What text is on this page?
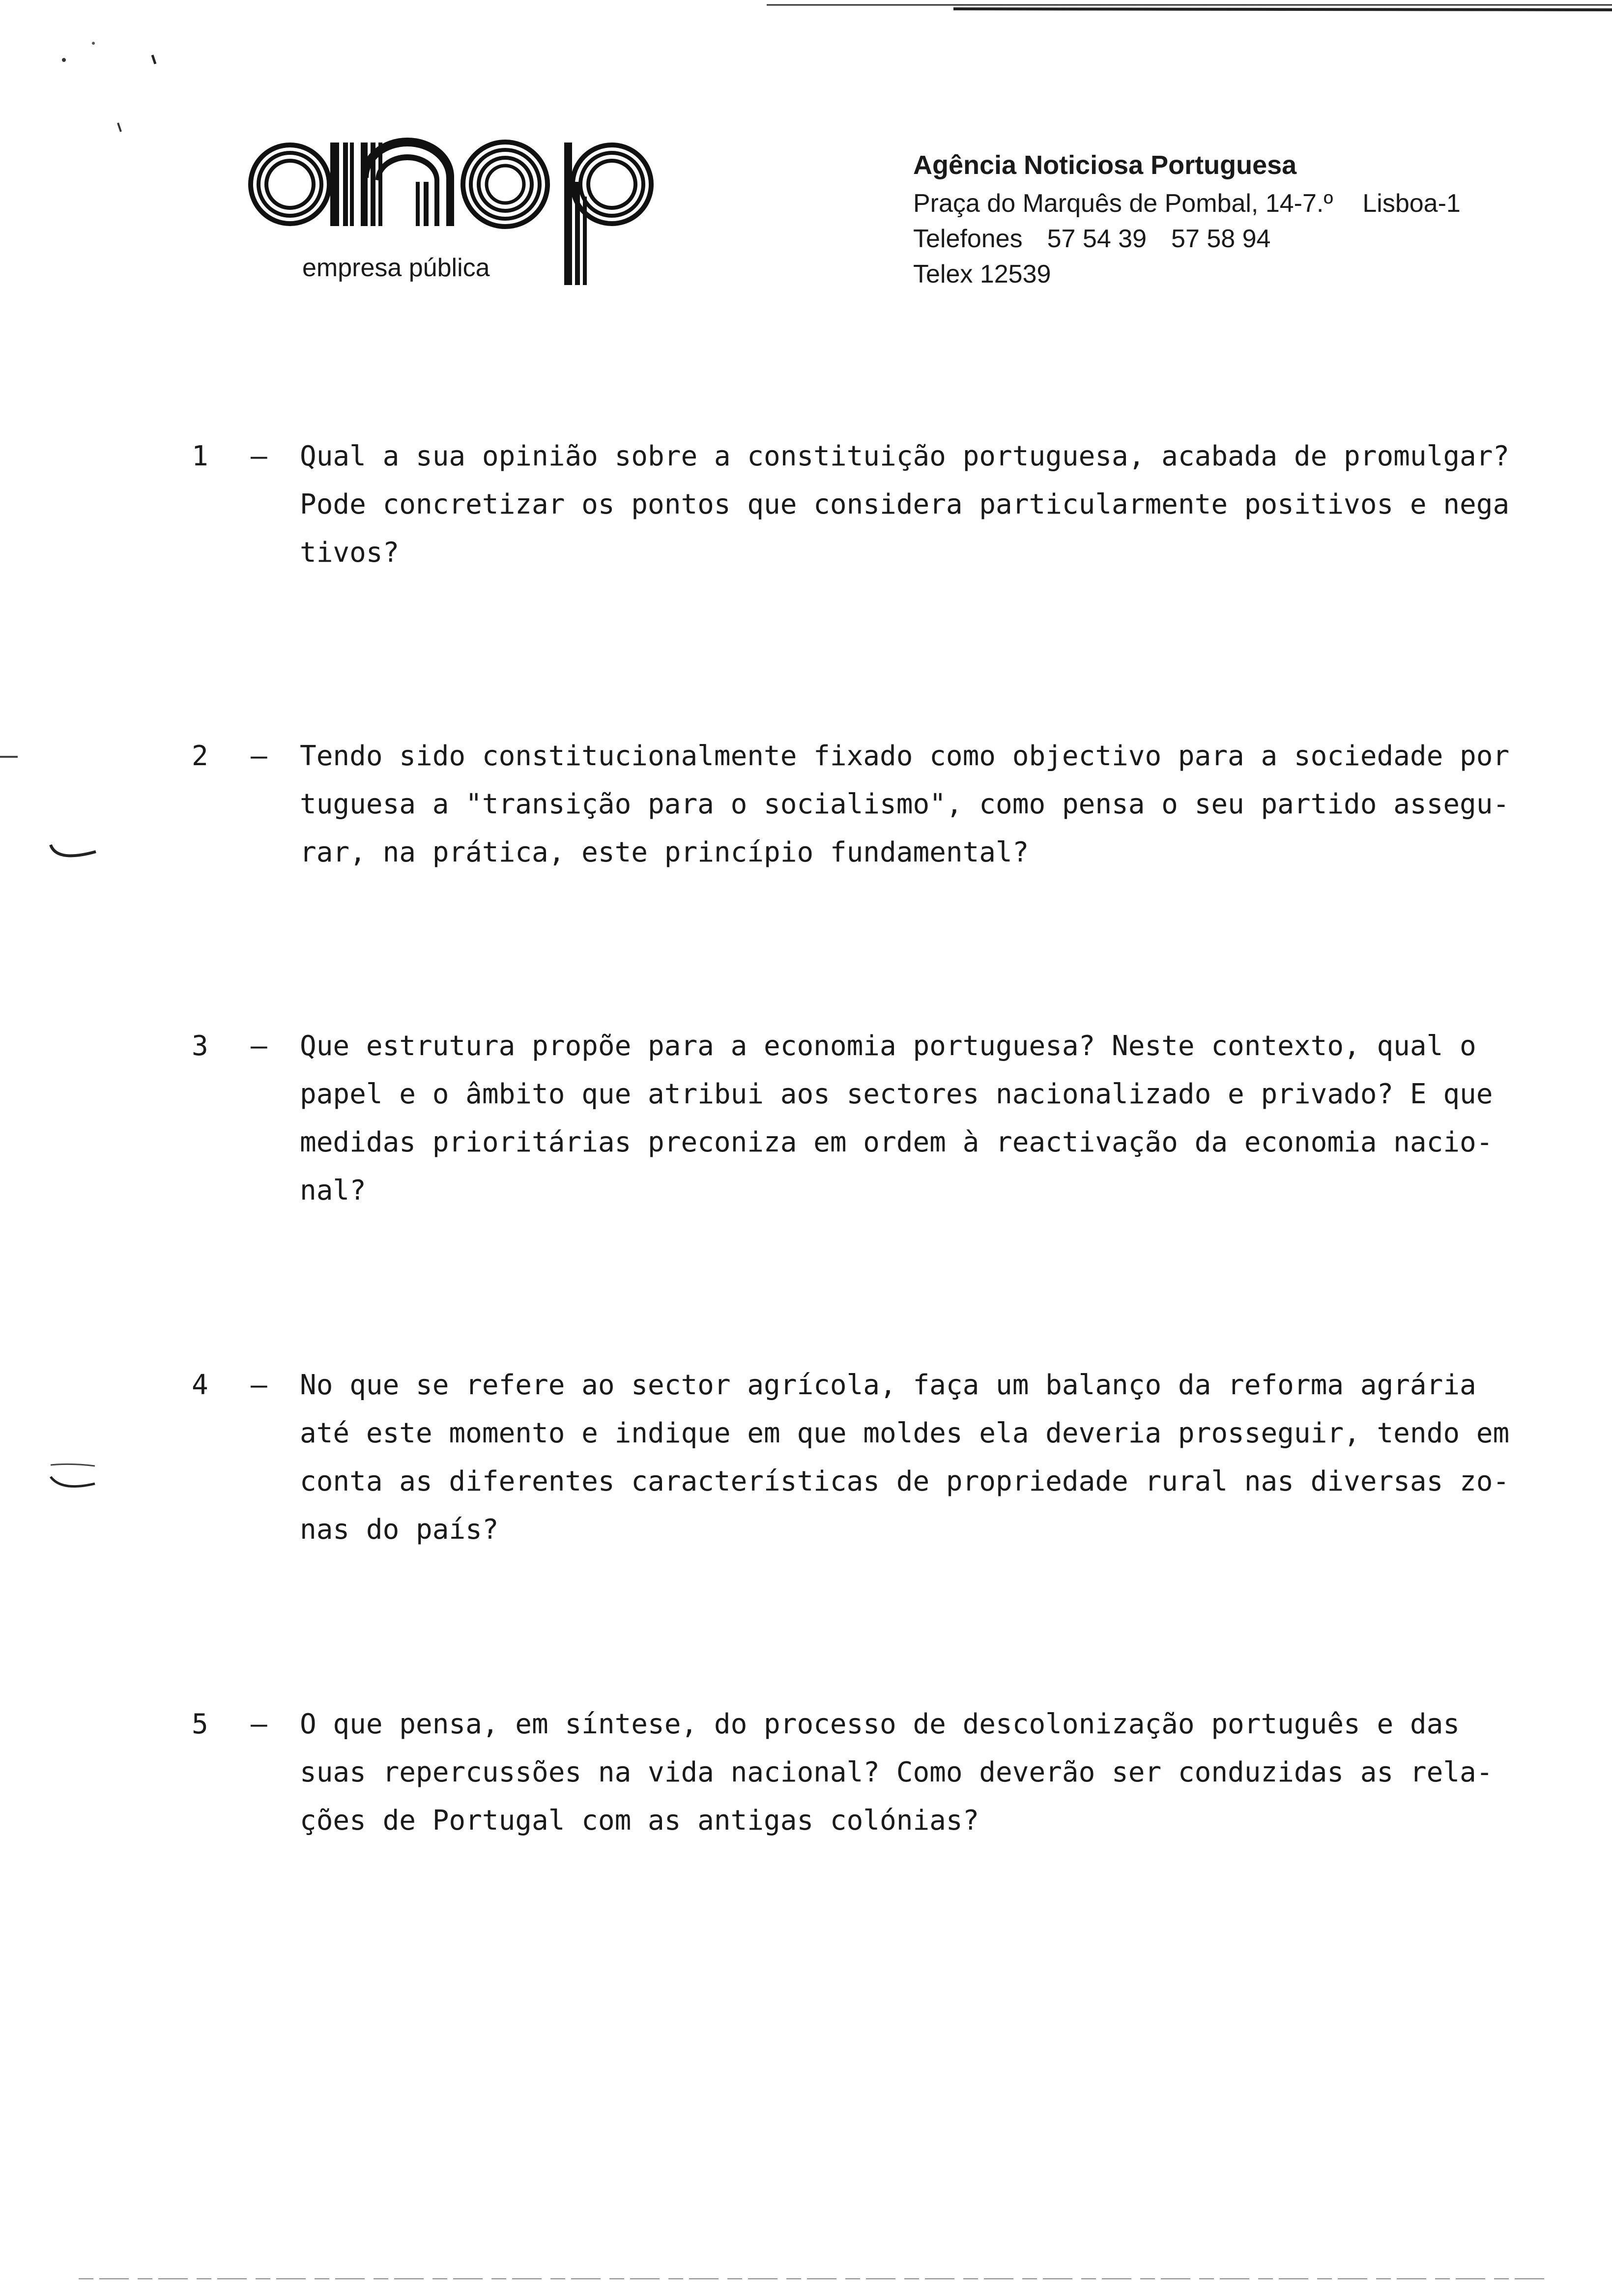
empresa pública
Agência Noticiosa Portuguesa
Praça do Marquês de Pombal, 14-7.º Lisboa-1
Telefones 57 54 39 57 58 94
Telex 12539
1	–	Qual a sua opinião sobre a constituição portuguesa, acabada de promulgar?
Pode concretizar os pontos que considera particularmente positivos e nega
tivos?
2	–	Tendo sido constitucionalmente fixado como objectivo para a sociedade por
tuguesa a "transição para o socialismo", como pensa o seu partido assegu-
rar, na prática, este princípio fundamental?
3	–	Que estrutura propõe para a economia portuguesa? Neste contexto, qual o
papel e o âmbito que atribui aos sectores nacionalizado e privado? E que
medidas prioritárias preconiza em ordem à reactivação da economia nacio-
nal?
4	–	No que se refere ao sector agrícola, faça um balanço da reforma agrária
até este momento e indique em que moldes ela deveria prosseguir, tendo em
conta as diferentes características de propriedade rural nas diversas zo-
nas do país?
5	–	O que pensa, em síntese, do processo de descolonização português e das
suas repercussões na vida nacional? Como deverão ser conduzidas as rela-
ções de Portugal com as antigas colónias?
